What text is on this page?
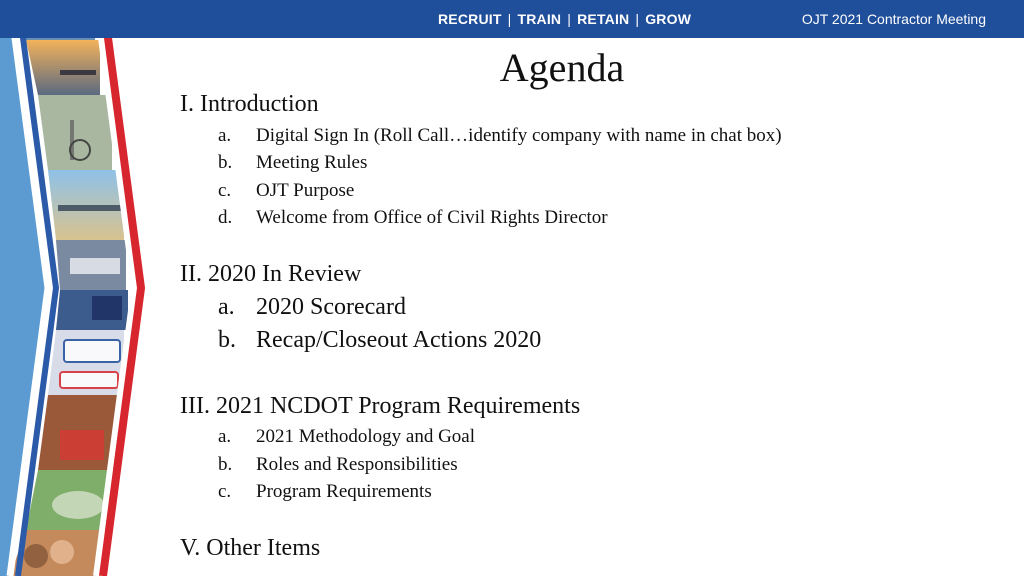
RECRUIT | TRAIN | RETAIN | GROW	OJT 2021 Contractor Meeting
Agenda
I. Introduction
a. Digital Sign In (Roll Call…identify company with name in chat box)
b. Meeting Rules
c. OJT Purpose
d. Welcome from Office of Civil Rights Director
II. 2020 In Review
a. 2020 Scorecard
b. Recap/Closeout Actions 2020
III. 2021 NCDOT Program Requirements
a. 2021 Methodology and Goal
b. Roles and Responsibilities
c. Program Requirements
V. Other Items
